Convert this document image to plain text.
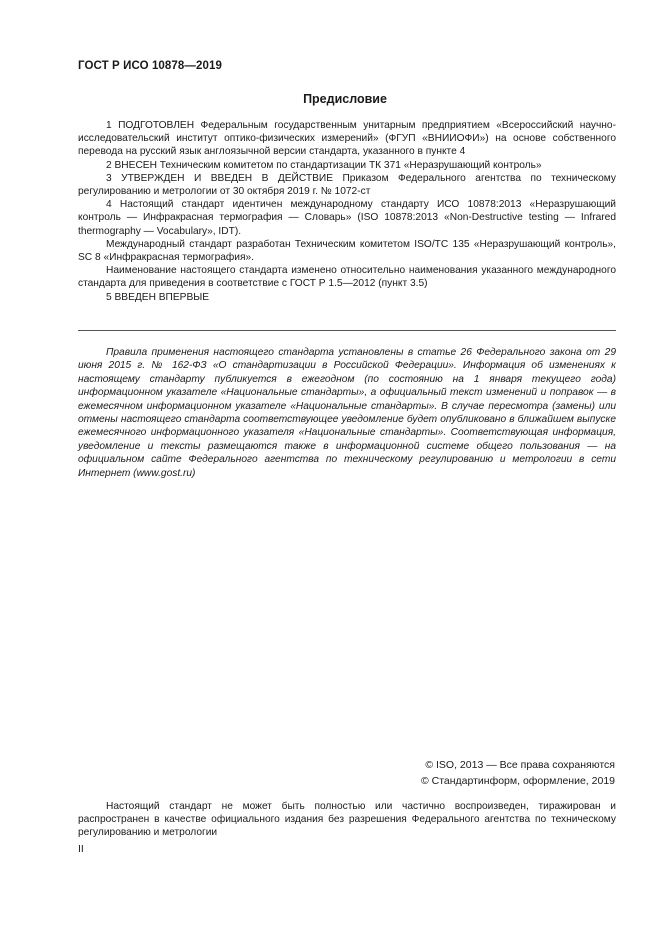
ГОСТ Р ИСО 10878—2019
Предисловие

1 ПОДГОТОВЛЕН Федеральным государственным унитарным предприятием «Всероссийский научно-исследовательский институт оптико-физических измерений» (ФГУП «ВНИИОФИ») на основе собственного перевода на русский язык англоязычной версии стандарта, указанного в пункте 4

2 ВНЕСЕН Техническим комитетом по стандартизации ТК 371 «Неразрушающий контроль»

3 УТВЕРЖДЕН И ВВЕДЕН В ДЕЙСТВИЕ Приказом Федерального агентства по техническому регулированию и метрологии от 30 октября 2019 г. № 1072-ст

4 Настоящий стандарт идентичен международному стандарту ИСО 10878:2013 «Неразрушающий контроль — Инфракрасная термография — Словарь» (ISO 10878:2013 «Non-Destructive testing — Infrared thermography — Vocabulary», IDT).

Международный стандарт разработан Техническим комитетом ISO/TC 135 «Неразрушающий контроль», SC 8 «Инфракрасная термография».

Наименование настоящего стандарта изменено относительно наименования указанного международного стандарта для приведения в соответствие с ГОСТ Р 1.5—2012 (пункт 3.5)

5 ВВЕДЕН ВПЕРВЫЕ

Правила применения настоящего стандарта установлены в статье 26 Федерального закона от 29 июня 2015 г. № 162-ФЗ «О стандартизации в Российской Федерации». Информация об изменениях к настоящему стандарту публикуется в ежегодном (по состоянию на 1 января текущего года) информационном указателе «Национальные стандарты», а официальный текст изменений и поправок — в ежемесячном информационном указателе «Национальные стандарты». В случае пересмотра (замены) или отмены настоящего стандарта соответствующее уведомление будет опубликовано в ближайшем выпуске ежемесячного информационного указателя «Национальные стандарты». Соответствующая информация, уведомление и тексты размещаются также в информационной системе общего пользования — на официальном сайте Федерального агентства по техническому регулированию и метрологии в сети Интернет (www.gost.ru)

© ISO, 2013 — Все права сохраняются
© Стандартинформ, оформление, 2019

Настоящий стандарт не может быть полностью или частично воспроизведен, тиражирован и распространен в качестве официального издания без разрешения Федерального агентства по техническому регулированию и метрологии

II
